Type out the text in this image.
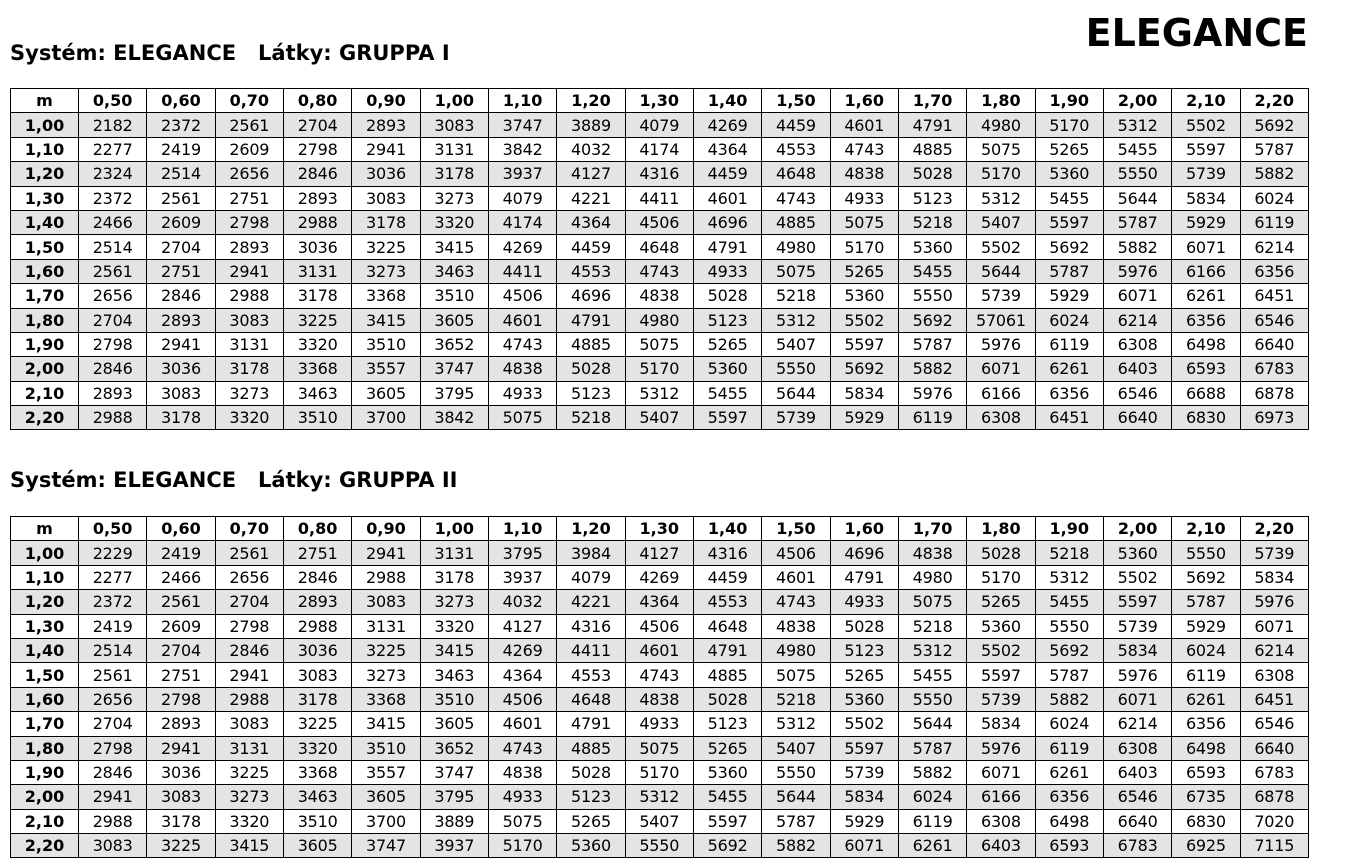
ELEGANCE
Systém: ELEGANCE   Látky: GRUPPA I
m	0,50	0,60	0,70	0,80	0,90	1,00	1,10	1,20	1,30	1,40	1,50	1,60	1,70	1,80	1,90	2,00	2,10	2,20
1,00	2182	2372	2561	2704	2893	3083	3747	3889	4079	4269	4459	4601	4791	4980	5170	5312	5502	5692
1,10	2277	2419	2609	2798	2941	3131	3842	4032	4174	4364	4553	4743	4885	5075	5265	5455	5597	5787
1,20	2324	2514	2656	2846	3036	3178	3937	4127	4316	4459	4648	4838	5028	5170	5360	5550	5739	5882
1,30	2372	2561	2751	2893	3083	3273	4079	4221	4411	4601	4743	4933	5123	5312	5455	5644	5834	6024
1,40	2466	2609	2798	2988	3178	3320	4174	4364	4506	4696	4885	5075	5218	5407	5597	5787	5929	6119
1,50	2514	2704	2893	3036	3225	3415	4269	4459	4648	4791	4980	5170	5360	5502	5692	5882	6071	6214
1,60	2561	2751	2941	3131	3273	3463	4411	4553	4743	4933	5075	5265	5455	5644	5787	5976	6166	6356
1,70	2656	2846	2988	3178	3368	3510	4506	4696	4838	5028	5218	5360	5550	5739	5929	6071	6261	6451
1,80	2704	2893	3083	3225	3415	3605	4601	4791	4980	5123	5312	5502	5692	57061	6024	6214	6356	6546
1,90	2798	2941	3131	3320	3510	3652	4743	4885	5075	5265	5407	5597	5787	5976	6119	6308	6498	6640
2,00	2846	3036	3178	3368	3557	3747	4838	5028	5170	5360	5550	5692	5882	6071	6261	6403	6593	6783
2,10	2893	3083	3273	3463	3605	3795	4933	5123	5312	5455	5644	5834	5976	6166	6356	6546	6688	6878
2,20	2988	3178	3320	3510	3700	3842	5075	5218	5407	5597	5739	5929	6119	6308	6451	6640	6830	6973
Systém: ELEGANCE   Látky: GRUPPA II
m	0,50	0,60	0,70	0,80	0,90	1,00	1,10	1,20	1,30	1,40	1,50	1,60	1,70	1,80	1,90	2,00	2,10	2,20
1,00	2229	2419	2561	2751	2941	3131	3795	3984	4127	4316	4506	4696	4838	5028	5218	5360	5550	5739
1,10	2277	2466	2656	2846	2988	3178	3937	4079	4269	4459	4601	4791	4980	5170	5312	5502	5692	5834
1,20	2372	2561	2704	2893	3083	3273	4032	4221	4364	4553	4743	4933	5075	5265	5455	5597	5787	5976
1,30	2419	2609	2798	2988	3131	3320	4127	4316	4506	4648	4838	5028	5218	5360	5550	5739	5929	6071
1,40	2514	2704	2846	3036	3225	3415	4269	4411	4601	4791	4980	5123	5312	5502	5692	5834	6024	6214
1,50	2561	2751	2941	3083	3273	3463	4364	4553	4743	4885	5075	5265	5455	5597	5787	5976	6119	6308
1,60	2656	2798	2988	3178	3368	3510	4506	4648	4838	5028	5218	5360	5550	5739	5882	6071	6261	6451
1,70	2704	2893	3083	3225	3415	3605	4601	4791	4933	5123	5312	5502	5644	5834	6024	6214	6356	6546
1,80	2798	2941	3131	3320	3510	3652	4743	4885	5075	5265	5407	5597	5787	5976	6119	6308	6498	6640
1,90	2846	3036	3225	3368	3557	3747	4838	5028	5170	5360	5550	5739	5882	6071	6261	6403	6593	6783
2,00	2941	3083	3273	3463	3605	3795	4933	5123	5312	5455	5644	5834	6024	6166	6356	6546	6735	6878
2,10	2988	3178	3320	3510	3700	3889	5075	5265	5407	5597	5787	5929	6119	6308	6498	6640	6830	7020
2,20	3083	3225	3415	3605	3747	3937	5170	5360	5550	5692	5882	6071	6261	6403	6593	6783	6925	7115
